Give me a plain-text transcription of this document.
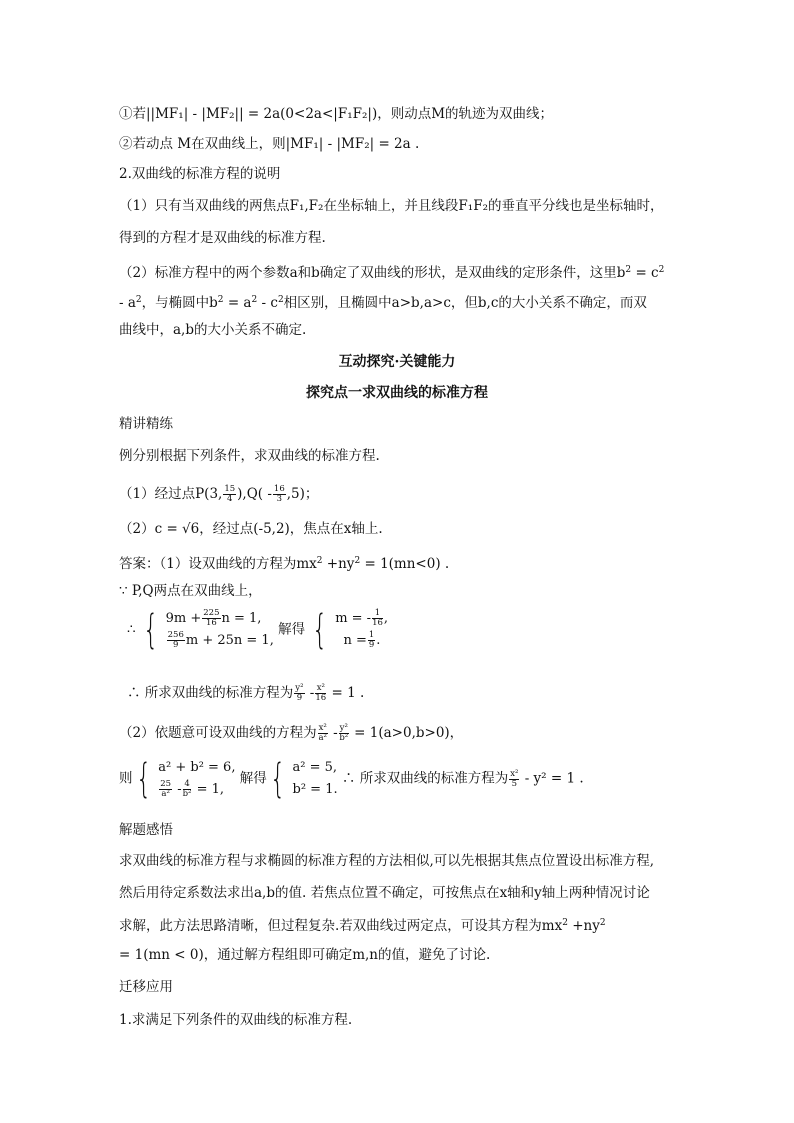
①若||MF₁| - |MF₂|| = 2a(0<2a<|F₁F₂|)，则动点M的轨迹为双曲线；
②若动点 M在双曲线上，则|MF₁| - |MF₂| = 2a .
2.双曲线的标准方程的说明
（1）只有当双曲线的两焦点F₁,F₂在坐标轴上，并且线段F₁F₂的垂直平分线也是坐标轴时，
得到的方程才是双曲线的标准方程.
（2）标准方程中的两个参数a和b确定了双曲线的形状，是双曲线的定形条件，这里$b^2 = c^2$
- $a^2$，与椭圆中$b^2 = a^2 - c^2$相区别，且椭圆中a>b,a>c，但b,c的大小关系不确定，而双
曲线中，a,b的大小关系不确定.
互动探究·关键能力
探究点一求双曲线的标准方程
精讲精练
例分别根据下列条件，求双曲线的标准方程.
（1）经过点P(3, $\frac{15}{4} ),Q( - \frac{16}{3} ,5)$；
（2）c = √6，经过点(-5,2)，焦点在x轴上.
答案：（1）设双曲线的方程为$mx^2 +ny^2 = 1(mn<0)$ .
∵ P,Q两点在双曲线上，
∴ { $9m + \frac{225}{16}$ n = 1,
$\frac{256}{9}$ m + 25n = 1,
解得 { m = - $\frac{1}{16}$ ,
$n = \frac{1}{9}$ .
∴ 所求双曲线的标准方程为 $\frac{\text{y²}}{9} - \frac{\text{x²}}{16} = 1$ .
（2）依题意可设双曲线的方程为 $\frac{\text{x²}}{\text{a²}} - \frac{\text{y²}}{\text{b²}} = 1(a>0,b>0)$，
则{ a² + b² = 6,
$\frac{25}{\text{a²}} - \frac{4}{\text{b²}} = 1$,
解得{ a² = 5,
b² = 1.
∴ 所求双曲线的标准方程为 $\frac{\text{x²}}{5} - y^2 = 1$ .
解题感悟
求双曲线的标准方程与求椭圆的标准方程的方法相似,可以先根据其焦点位置设出标准方程,
然后用待定系数法求出a,b的值. 若焦点位置不确定，可按焦点在x轴和y轴上两种情况讨论
求解，此方法思路清晰，但过程复杂.若双曲线过两定点，可设其方程为$mx^2 +ny^2$
= 1(mn < 0)，通过解方程组即可确定m,n的值，避免了讨论.
迁移应用
1.求满足下列条件的双曲线的标准方程.
